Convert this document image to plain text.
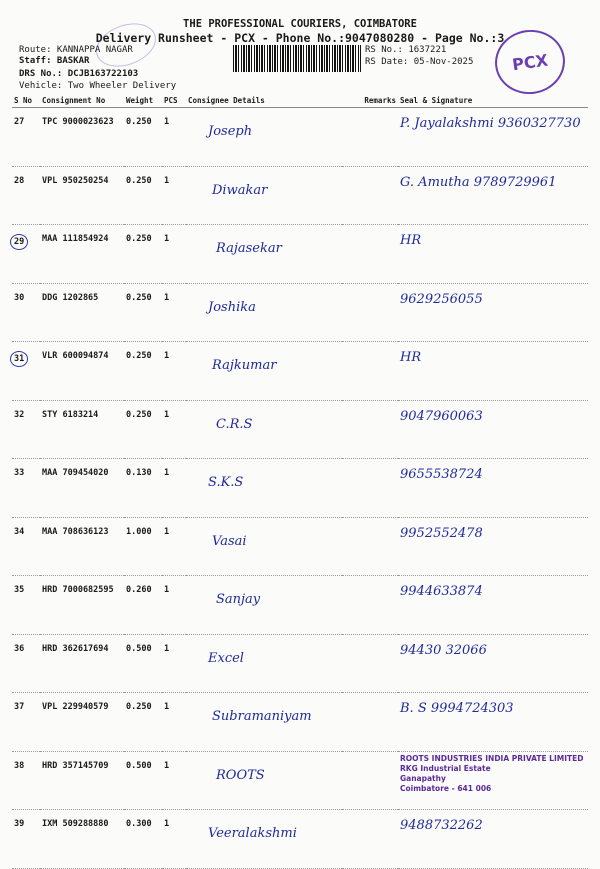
THE PROFESSIONAL COURIERS, COIMBATORE
Delivery Runsheet - PCX - Phone No.:9047080280 - Page No.:3
Route: KANNAPPA NAGAR
Staff: BASKAR
DRS No.: DCJB163722103
Vehicle: Two Wheeler Delivery
RS No.: 1637221
RS Date: 05-Nov-2025	PCX
S No	Consignment No	Weight	PCS	Consignee Details	Remarks	Seal & Signature
27	TPC 9000023623	0.250	1	Joseph		P. Jayalakshmi 9360327730
28	VPL 950250254	0.250	1	Diwakar		G. Amutha 9789729961
29	MAA 111854924	0.250	1	Rajasekar		HR
30	DDG 1202865	0.250	1	Joshika		9629256055
31	VLR 600094874	0.250	1	Rajkumar		HR
32	STY 6183214	0.250	1	C.R.S		9047960063
33	MAA 709454020	0.130	1	S.K.S		9655538724
34	MAA 708636123	1.000	1	Vasai		9952552478
35	HRD 7000682595	0.260	1	Sanjay		9944633874
36	HRD 362617694	0.500	1	Excel		94430 32066
37	VPL 229940579	0.250	1	Subramaniyam		B. S 9994724303
38	HRD 357145709	0.500	1	ROOTS		ROOTS INDUSTRIES INDIA PRIVATE LIMITED
RKG Industrial Estate
Ganapathy
Coimbatore - 641 006

39	IXM 509288880	0.300	1	Veeralakshmi		9488732262
